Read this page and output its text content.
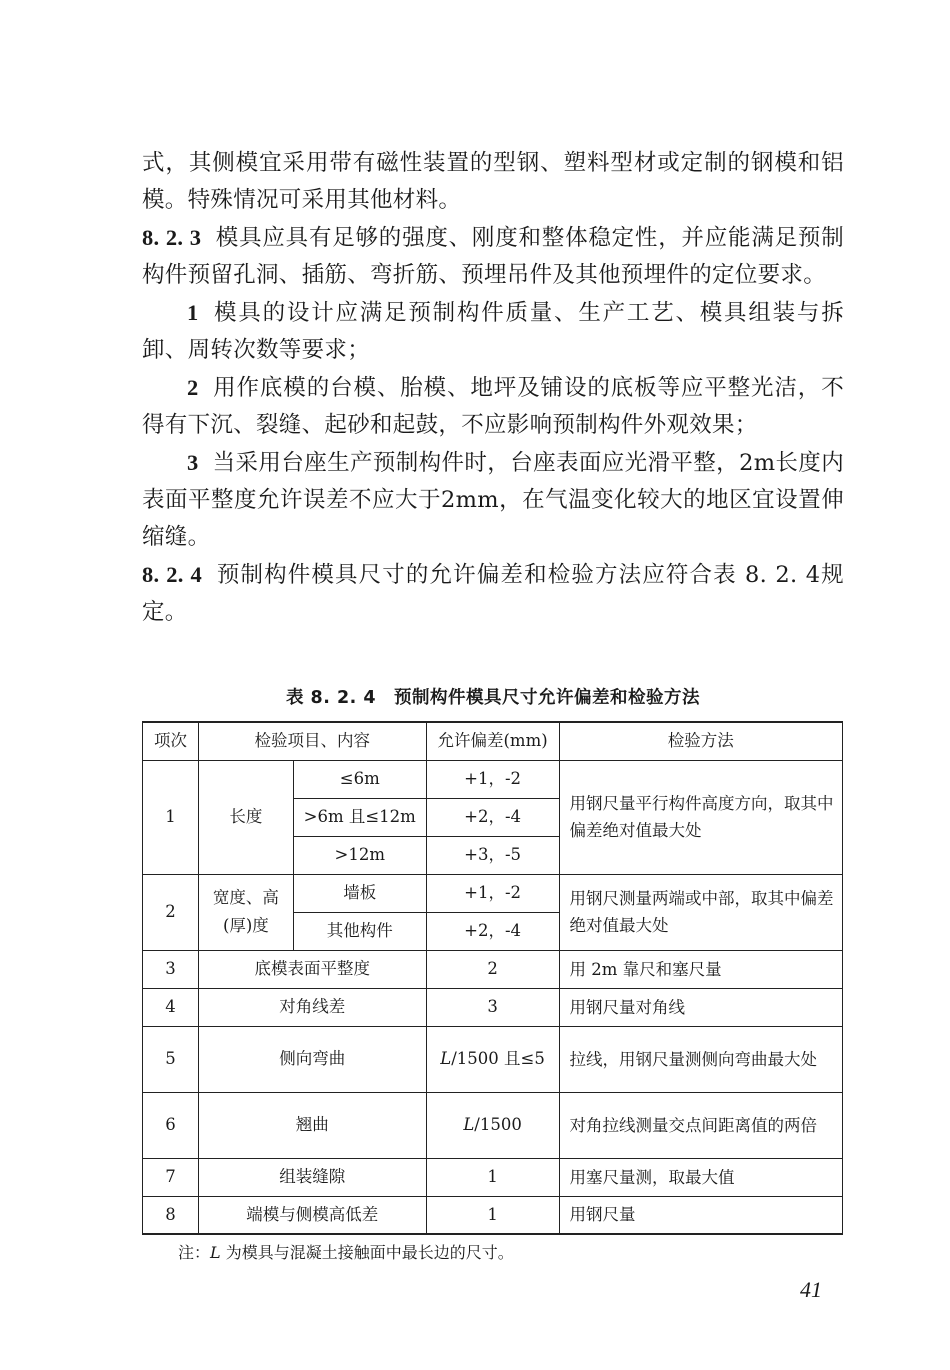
式，其侧模宜采用带有磁性装置的型钢、塑料型材或定制的钢模和铝模。特殊情况可采用其他材料。

8. 2. 3 模具应具有足够的强度、刚度和整体稳定性，并应能满足预制构件预留孔洞、插筋、弯折筋、预埋吊件及其他预埋件的定位要求。

1 模具的设计应满足预制构件质量、生产工艺、模具组装与拆卸、周转次数等要求；

2 用作底模的台模、胎模、地坪及铺设的底板等应平整光洁，不得有下沉、裂缝、起砂和起鼓，不应影响预制构件外观效果；

3 当采用台座生产预制构件时，台座表面应光滑平整，2m长度内表面平整度允许误差不应大于2mm，在气温变化较大的地区宜设置伸缩缝。

8. 2. 4 预制构件模具尺寸的允许偏差和检验方法应符合表 8. 2. 4规定。

表 8. 2. 4 预制构件模具尺寸允许偏差和检验方法
项次	检验项目、内容		允许偏差(mm)	检验方法
1	长度	≤6m	+1，-2	用钢尺量平行构件高度方向，取其中偏差绝对值最大处
		>6m 且≤12m	+2，-4	
		>12m	+3，-5	
2	宽度、高(厚)度	墙板	+1，-2	用钢尺测量两端或中部，取其中偏差绝对值最大处
		其他构件	+2，-4	
3	底模表面平整度		2	用 2m 靠尺和塞尺量
4	对角线差		3	用钢尺量对角线
5	侧向弯曲		L/1500 且≤5	拉线，用钢尺量测侧向弯曲最大处
6	翘曲		L/1500	对角拉线测量交点间距离值的两倍
7	组装缝隙		1	用塞尺量测，取最大值
8	端模与侧模高低差		1	用钢尺量
注：L 为模具与混凝土接触面中最长边的尺寸。
41
